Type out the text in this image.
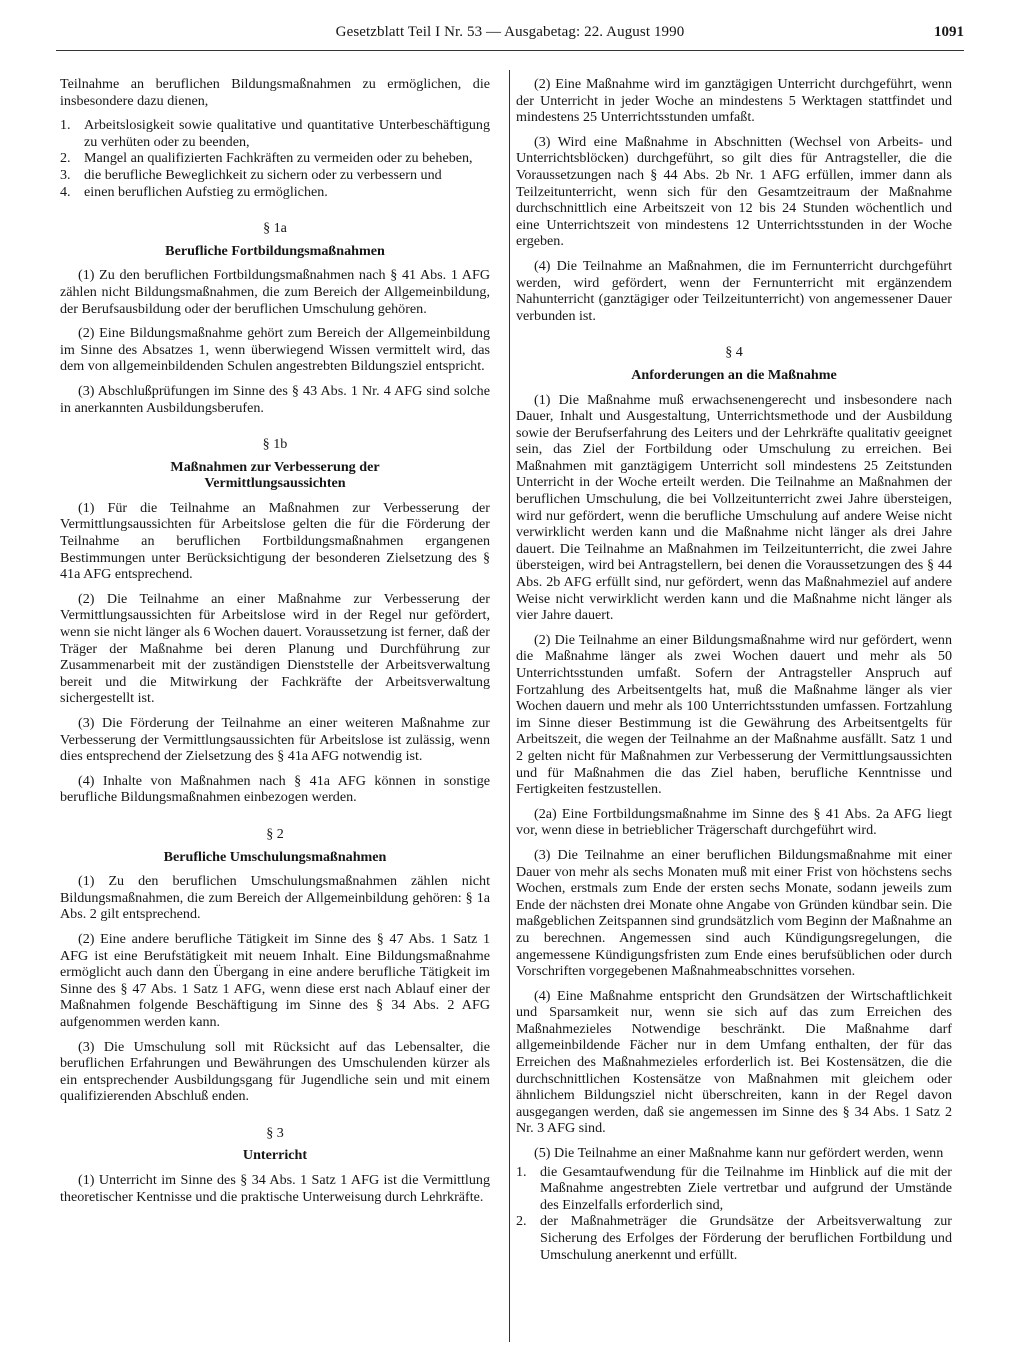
Gesetzblatt Teil I Nr. 53 — Ausgabetag: 22. August 1990	1091

Teilnahme an beruflichen Bildungsmaßnahmen zu ermöglichen, die insbesondere dazu dienen,

1. Arbeitslosigkeit sowie qualitative und quantitative Unterbeschäftigung zu verhüten oder zu beenden,
2. Mangel an qualifizierten Fachkräften zu vermeiden oder zu beheben,
3. die berufliche Beweglichkeit zu sichern oder zu verbessern und
4. einen beruflichen Aufstieg zu ermöglichen.
§ 1a
Berufliche Fortbildungsmaßnahmen

(1) Zu den beruflichen Fortbildungsmaßnahmen nach § 41 Abs. 1 AFG zählen nicht Bildungsmaßnahmen, die zum Bereich der Allgemeinbildung, der Berufsausbildung oder der beruflichen Umschulung gehören.

(2) Eine Bildungsmaßnahme gehört zum Bereich der Allgemeinbildung im Sinne des Absatzes 1, wenn überwiegend Wissen vermittelt wird, das dem von allgemeinbildenden Schulen angestrebten Bildungsziel entspricht.

(3) Abschlußprüfungen im Sinne des § 43 Abs. 1 Nr. 4 AFG sind solche in anerkannten Ausbildungsberufen.

§ 1b
Maßnahmen zur Verbesserung der Vermittlungsaussichten

(1) Für die Teilnahme an Maßnahmen zur Verbesserung der Vermittlungsaussichten für Arbeitslose gelten die für die Förderung der Teilnahme an beruflichen Fortbildungsmaßnahmen ergangenen Bestimmungen unter Berücksichtigung der besonderen Zielsetzung des § 41a AFG entsprechend.

(2) Die Teilnahme an einer Maßnahme zur Verbesserung der Vermittlungsaussichten für Arbeitslose wird in der Regel nur gefördert, wenn sie nicht länger als 6 Wochen dauert. Voraussetzung ist ferner, daß der Träger der Maßnahme bei deren Planung und Durchführung zur Zusammenarbeit mit der zuständigen Dienststelle der Arbeitsverwaltung bereit und die Mitwirkung der Fachkräfte der Arbeitsverwaltung sichergestellt ist.

(3) Die Förderung der Teilnahme an einer weiteren Maßnahme zur Verbesserung der Vermittlungsaussichten für Arbeitslose ist zulässig, wenn dies entsprechend der Zielsetzung des § 41a AFG notwendig ist.

(4) Inhalte von Maßnahmen nach § 41a AFG können in sonstige berufliche Bildungsmaßnahmen einbezogen werden.

§ 2
Berufliche Umschulungsmaßnahmen

(1) Zu den beruflichen Umschulungsmaßnahmen zählen nicht Bildungsmaßnahmen, die zum Bereich der Allgemeinbildung gehören: § 1a Abs. 2 gilt entsprechend.

(2) Eine andere berufliche Tätigkeit im Sinne des § 47 Abs. 1 Satz 1 AFG ist eine Berufstätigkeit mit neuem Inhalt. Eine Bildungsmaßnahme ermöglicht auch dann den Übergang in eine andere berufliche Tätigkeit im Sinne des § 47 Abs. 1 Satz 1 AFG, wenn diese erst nach Ablauf einer der Maßnahmen folgende Beschäftigung im Sinne des § 34 Abs. 2 AFG aufgenommen werden kann.

(3) Die Umschulung soll mit Rücksicht auf das Lebensalter, die beruflichen Erfahrungen und Bewährungen des Umschulenden kürzer als ein entsprechender Ausbildungsgang für Jugendliche sein und mit einem qualifizierenden Abschluß enden.

§ 3
Unterricht

(1) Unterricht im Sinne des § 34 Abs. 1 Satz 1 AFG ist die Vermittlung theoretischer Kentnisse und die praktische Unterweisung durch Lehrkräfte.

(2) Eine Maßnahme wird im ganztägigen Unterricht durchgeführt, wenn der Unterricht in jeder Woche an mindestens 5 Werktagen stattfindet und mindestens 25 Unterrichtsstunden umfaßt.

(3) Wird eine Maßnahme in Abschnitten (Wechsel von Arbeits- und Unterrichtsblöcken) durchgeführt, so gilt dies für Antragsteller, die die Voraussetzungen nach § 44 Abs. 2b Nr. 1 AFG erfüllen, immer dann als Teilzeitunterricht, wenn sich für den Gesamtzeitraum der Maßnahme durchschnittlich eine Arbeitszeit von 12 bis 24 Stunden wöchentlich und eine Unterrichtszeit von mindestens 12 Unterrichtsstunden in der Woche ergeben.

(4) Die Teilnahme an Maßnahmen, die im Fernunterricht durchgeführt werden, wird gefördert, wenn der Fernunterricht mit ergänzendem Nahunterricht (ganztägiger oder Teilzeitunterricht) von angemessener Dauer verbunden ist.

§ 4
Anforderungen an die Maßnahme

(1) Die Maßnahme muß erwachsenengerecht und insbesondere nach Dauer, Inhalt und Ausgestaltung, Unterrichtsmethode und der Ausbildung sowie der Berufserfahrung des Leiters und der Lehrkräfte qualitativ geeignet sein, das Ziel der Fortbildung oder Umschulung zu erreichen. Bei Maßnahmen mit ganztägigem Unterricht soll mindestens 25 Zeitstunden Unterricht in der Woche erteilt werden. Die Teilnahme an Maßnahmen der beruflichen Umschulung, die bei Vollzeitunterricht zwei Jahre übersteigen, wird nur gefördert, wenn die berufliche Umschulung auf andere Weise nicht verwirklicht werden kann und die Maßnahme nicht länger als drei Jahre dauert. Die Teilnahme an Maßnahmen im Teilzeitunterricht, die zwei Jahre übersteigen, wird bei Antragstellern, bei denen die Voraussetzungen des § 44 Abs. 2b AFG erfüllt sind, nur gefördert, wenn das Maßnahmeziel auf andere Weise nicht verwirklicht werden kann und die Maßnahme nicht länger als vier Jahre dauert.

(2) Die Teilnahme an einer Bildungsmaßnahme wird nur gefördert, wenn die Maßnahme länger als zwei Wochen dauert und mehr als 50 Unterrichtsstunden umfaßt. Sofern der Antragsteller Anspruch auf Fortzahlung des Arbeitsentgelts hat, muß die Maßnahme länger als vier Wochen dauern und mehr als 100 Unterrichtsstunden umfassen. Fortzahlung im Sinne dieser Bestimmung ist die Gewährung des Arbeitsentgelts für Arbeitszeit, die wegen der Teilnahme an der Maßnahme ausfällt. Satz 1 und 2 gelten nicht für Maßnahmen zur Verbesserung der Vermittlungsaussichten und für Maßnahmen die das Ziel haben, berufliche Kenntnisse und Fertigkeiten festzustellen.

(2a) Eine Fortbildungsmaßnahme im Sinne des § 41 Abs. 2a AFG liegt vor, wenn diese in betrieblicher Trägerschaft durchgeführt wird.

(3) Die Teilnahme an einer beruflichen Bildungsmaßnahme mit einer Dauer von mehr als sechs Monaten muß mit einer Frist von höchstens sechs Wochen, erstmals zum Ende der ersten sechs Monate, sodann jeweils zum Ende der nächsten drei Monate ohne Angabe von Gründen kündbar sein. Die maßgeblichen Zeitspannen sind grundsätzlich vom Beginn der Maßnahme an zu berechnen. Angemessen sind auch Kündigungsregelungen, die angemessene Kündigungsfristen zum Ende eines berufsüblichen oder durch Vorschriften vorgegebenen Maßnahmeabschnittes vorsehen.

(4) Eine Maßnahme entspricht den Grundsätzen der Wirtschaftlichkeit und Sparsamkeit nur, wenn sie sich auf das zum Erreichen des Maßnahmezieles Notwendige beschränkt. Die Maßnahme darf allgemeinbildende Fächer nur in dem Umfang enthalten, der für das Erreichen des Maßnahmezieles erforderlich ist. Bei Kostensätzen, die die durchschnittlichen Kostensätze von Maßnahmen mit gleichem oder ähnlichem Bildungsziel nicht überschreiten, kann in der Regel davon ausgegangen werden, daß sie angemessen im Sinne des § 34 Abs. 1 Satz 2 Nr. 3 AFG sind.

(5) Die Teilnahme an einer Maßnahme kann nur gefördert werden, wenn

1. die Gesamtaufwendung für die Teilnahme im Hinblick auf die mit der Maßnahme angestrebten Ziele vertretbar und aufgrund der Umstände des Einzelfalls erforderlich sind,
2. der Maßnahmeträger die Grundsätze der Arbeitsverwaltung zur Sicherung des Erfolges der Förderung der beruflichen Fortbildung und Umschulung anerkennt und erfüllt.
